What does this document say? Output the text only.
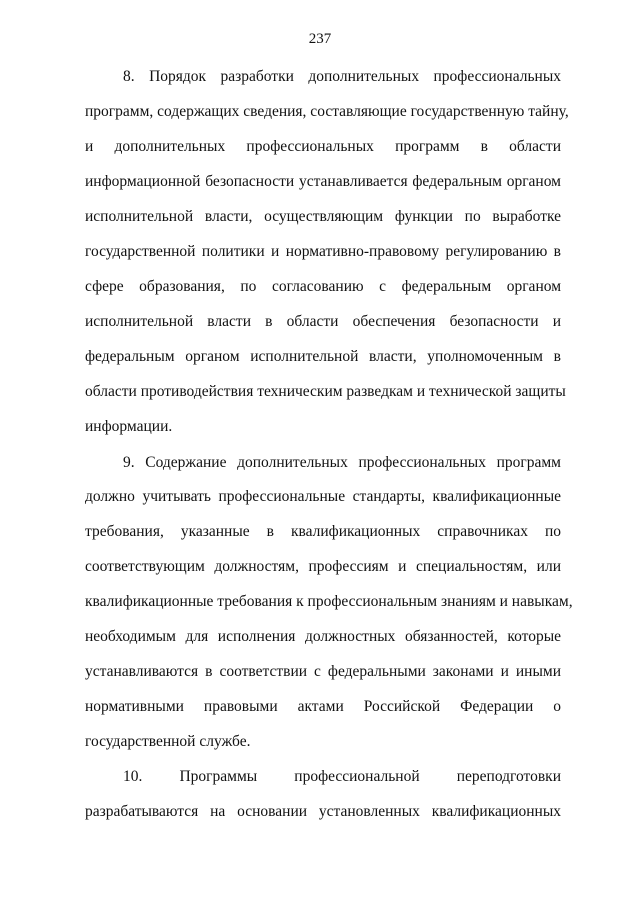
237
8. Порядок разработки дополнительных профессиональных
программ, содержащих сведения, составляющие государственную тайну,
и дополнительных профессиональных программ в области
информационной безопасности устанавливается федеральным органом
исполнительной власти, осуществляющим функции по выработке
государственной политики и нормативно-правовому регулированию в
сфере образования, по согласованию с федеральным органом
исполнительной власти в области обеспечения безопасности и
федеральным органом исполнительной власти, уполномоченным в
области противодействия техническим разведкам и технической защиты
информации.
9. Содержание дополнительных профессиональных программ
должно учитывать профессиональные стандарты, квалификационные
требования, указанные в квалификационных справочниках по
соответствующим должностям, профессиям и специальностям, или
квалификационные требования к профессиональным знаниям и навыкам,
необходимым для исполнения должностных обязанностей, которые
устанавливаются в соответствии с федеральными законами и иными
нормативными правовыми актами Российской Федерации о
государственной службе.
10. Программы профессиональной переподготовки
разрабатываются на основании установленных квалификационных
